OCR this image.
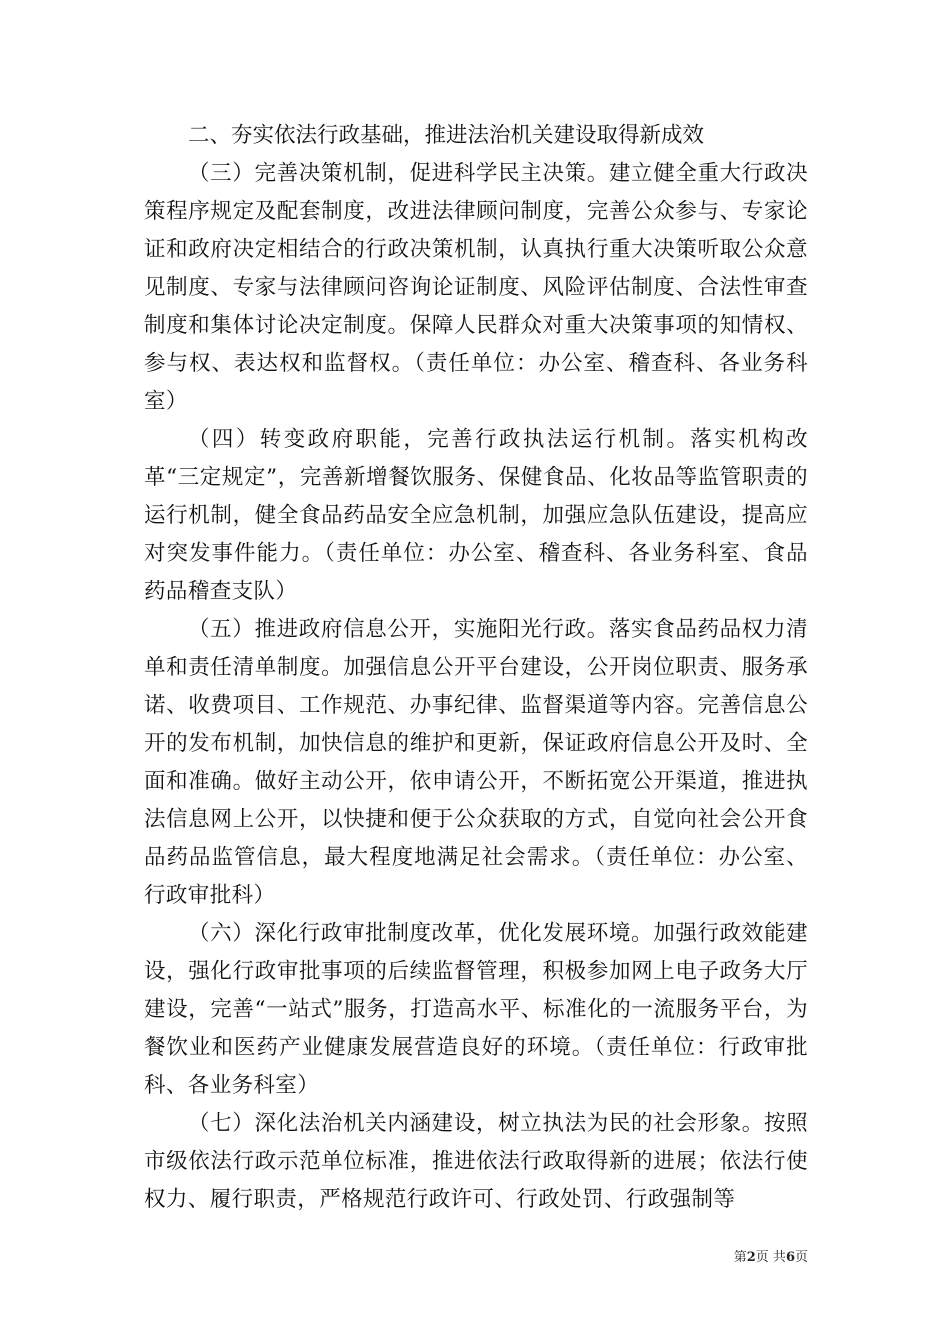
二、夯实依法行政基础，推进法治机关建设取得新成效

（三）完善决策机制，促进科学民主决策。建立健全重大行政决策程序规定及配套制度，改进法律顾问制度，完善公众参与、专家论证和政府决定相结合的行政决策机制，认真执行重大决策听取公众意见制度、专家与法律顾问咨询论证制度、风险评估制度、合法性审查制度和集体讨论决定制度。保障人民群众对重大决策事项的知情权、参与权、表达权和监督权。（责任单位：办公室、稽查科、各业务科室）

（四）转变政府职能，完善行政执法运行机制。落实机构改革“三定规定”，完善新增餐饮服务、保健食品、化妆品等监管职责的运行机制，健全食品药品安全应急机制，加强应急队伍建设，提高应对突发事件能力。（责任单位：办公室、稽查科、各业务科室、食品药品稽查支队）

（五）推进政府信息公开，实施阳光行政。落实食品药品权力清单和责任清单制度。加强信息公开平台建设，公开岗位职责、服务承诺、收费项目、工作规范、办事纪律、监督渠道等内容。完善信息公开的发布机制，加快信息的维护和更新，保证政府信息公开及时、全面和准确。做好主动公开，依申请公开，不断拓宽公开渠道，推进执法信息网上公开，以快捷和便于公众获取的方式，自觉向社会公开食品药品监管信息，最大程度地满足社会需求。（责任单位：办公室、行政审批科）

（六）深化行政审批制度改革，优化发展环境。加强行政效能建设，强化行政审批事项的后续监督管理，积极参加网上电子政务大厅建设，完善“一站式”服务，打造高水平、标准化的一流服务平台，为餐饮业和医药产业健康发展营造良好的环境。（责任单位：行政审批科、各业务科室）

（七）深化法治机关内涵建设，树立执法为民的社会形象。按照市级依法行政示范单位标准，推进依法行政取得新的进展；依法行使权力、履行职责，严格规范行政许可、行政处罚、行政强制等

第2页 共6页
